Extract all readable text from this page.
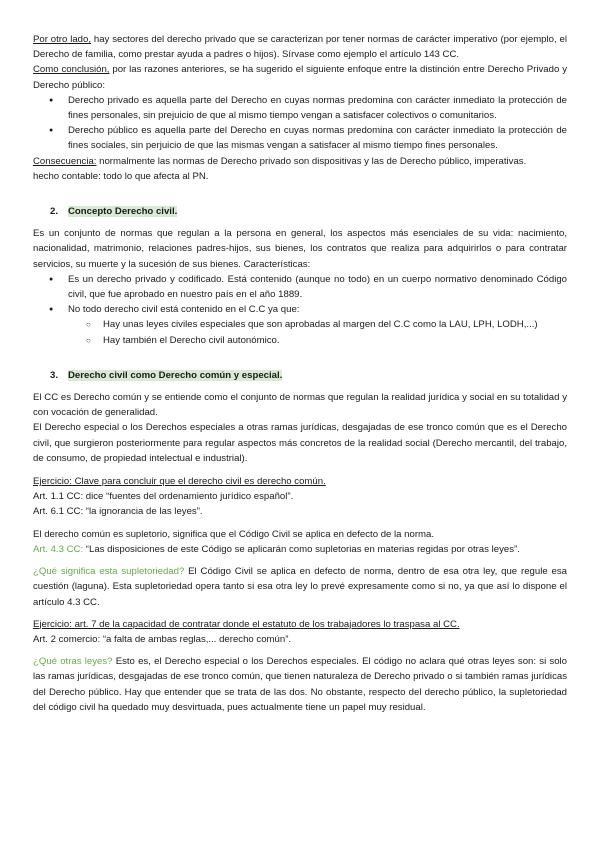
Por otro lado, hay sectores del derecho privado que se caracterizan por tener normas de carácter imperativo (por ejemplo, el Derecho de familia, como prestar ayuda a padres o hijos). Sírvase como ejemplo el artículo 143 CC.

Como conclusión, por las razones anteriores, se ha sugerido el siguiente enfoque entre la distinción entre Derecho Privado y Derecho público:

● Derecho privado es aquella parte del Derecho en cuyas normas predomina con carácter inmediato la protección de fines personales, sin prejuicio de que al mismo tiempo vengan a satisfacer colectivos o comunitarios.
● Derecho público es aquella parte del Derecho en cuyas normas predomina con carácter inmediato la protección de fines sociales, sin perjuicio de que las mismas vengan a satisfacer al mismo tiempo fines personales.

Consecuencia: normalmente las normas de Derecho privado son dispositivas y las de Derecho público, imperativas.

hecho contable: todo lo que afecta al PN.

2. Concepto Derecho civil.

Es un conjunto de normas que regulan a la persona en general, los aspectos más esenciales de su vida: nacimiento, nacionalidad, matrimonio, relaciones padres-hijos, sus bienes, los contratos que realiza para adquirirlos o para contratar servicios, su muerte y la sucesión de sus bienes. Características:

● Es un derecho privado y codificado. Está contenido (aunque no todo) en un cuerpo normativo denominado Código civil, que fue aprobado en nuestro país en el año 1889.
● No todo derecho civil está contenido en el C.C ya que:
○ Hay unas leyes civiles especiales que son aprobadas al margen del C.C como la LAU, LPH, LODH,...)
○ Hay también el Derecho civil autonómico.
3. Derecho civil como Derecho común y especial.

El CC es Derecho común y se entiende como el conjunto de normas que regulan la realidad jurídica y social en su totalidad y con vocación de generalidad.

El Derecho especial o los Derechos especiales a otras ramas jurídicas, desgajadas de ese tronco común que es el Derecho civil, que surgieron posteriormente para regular aspectos más concretos de la realidad social (Derecho mercantil, del trabajo, de consumo, de propiedad intelectual e industrial).

Ejercicio: Clave para concluir que el derecho civil es derecho común.

Art. 1.1 CC: dice “fuentes del ordenamiento jurídico español”.

Art. 6.1 CC: “la ignorancia de las leyes”.

El derecho común es supletorio, significa que el Código Civil se aplica en defecto de la norma.

Art. 4.3 CC: “Las disposiciones de este Código se aplicarán como supletorias en materias regidas por otras leyes”.

¿Qué significa esta supletoriedad? El Código Civil se aplica en defecto de norma, dentro de esa otra ley, que regule esa cuestión (laguna). Esta supletoriedad opera tanto si esa otra ley lo prevé expresamente como si no, ya que así lo dispone el artículo 4.3 CC.

Ejercicio: art. 7 de la capacidad de contratar donde el estatuto de los trabajadores lo traspasa al CC.

Art. 2 comercio: “a falta de ambas reglas,... derecho común”.

¿Qué otras leyes? Esto es, el Derecho especial o los Derechos especiales. El código no aclara qué otras leyes son: si solo las ramas jurídicas, desgajadas de ese tronco común, que tienen naturaleza de Derecho privado o si también ramas jurídicas del Derecho público. Hay que entender que se trata de las dos. No obstante, respecto del derecho público, la supletoriedad del código civil ha quedado muy desvirtuada, pues actualmente tiene un papel muy residual.
